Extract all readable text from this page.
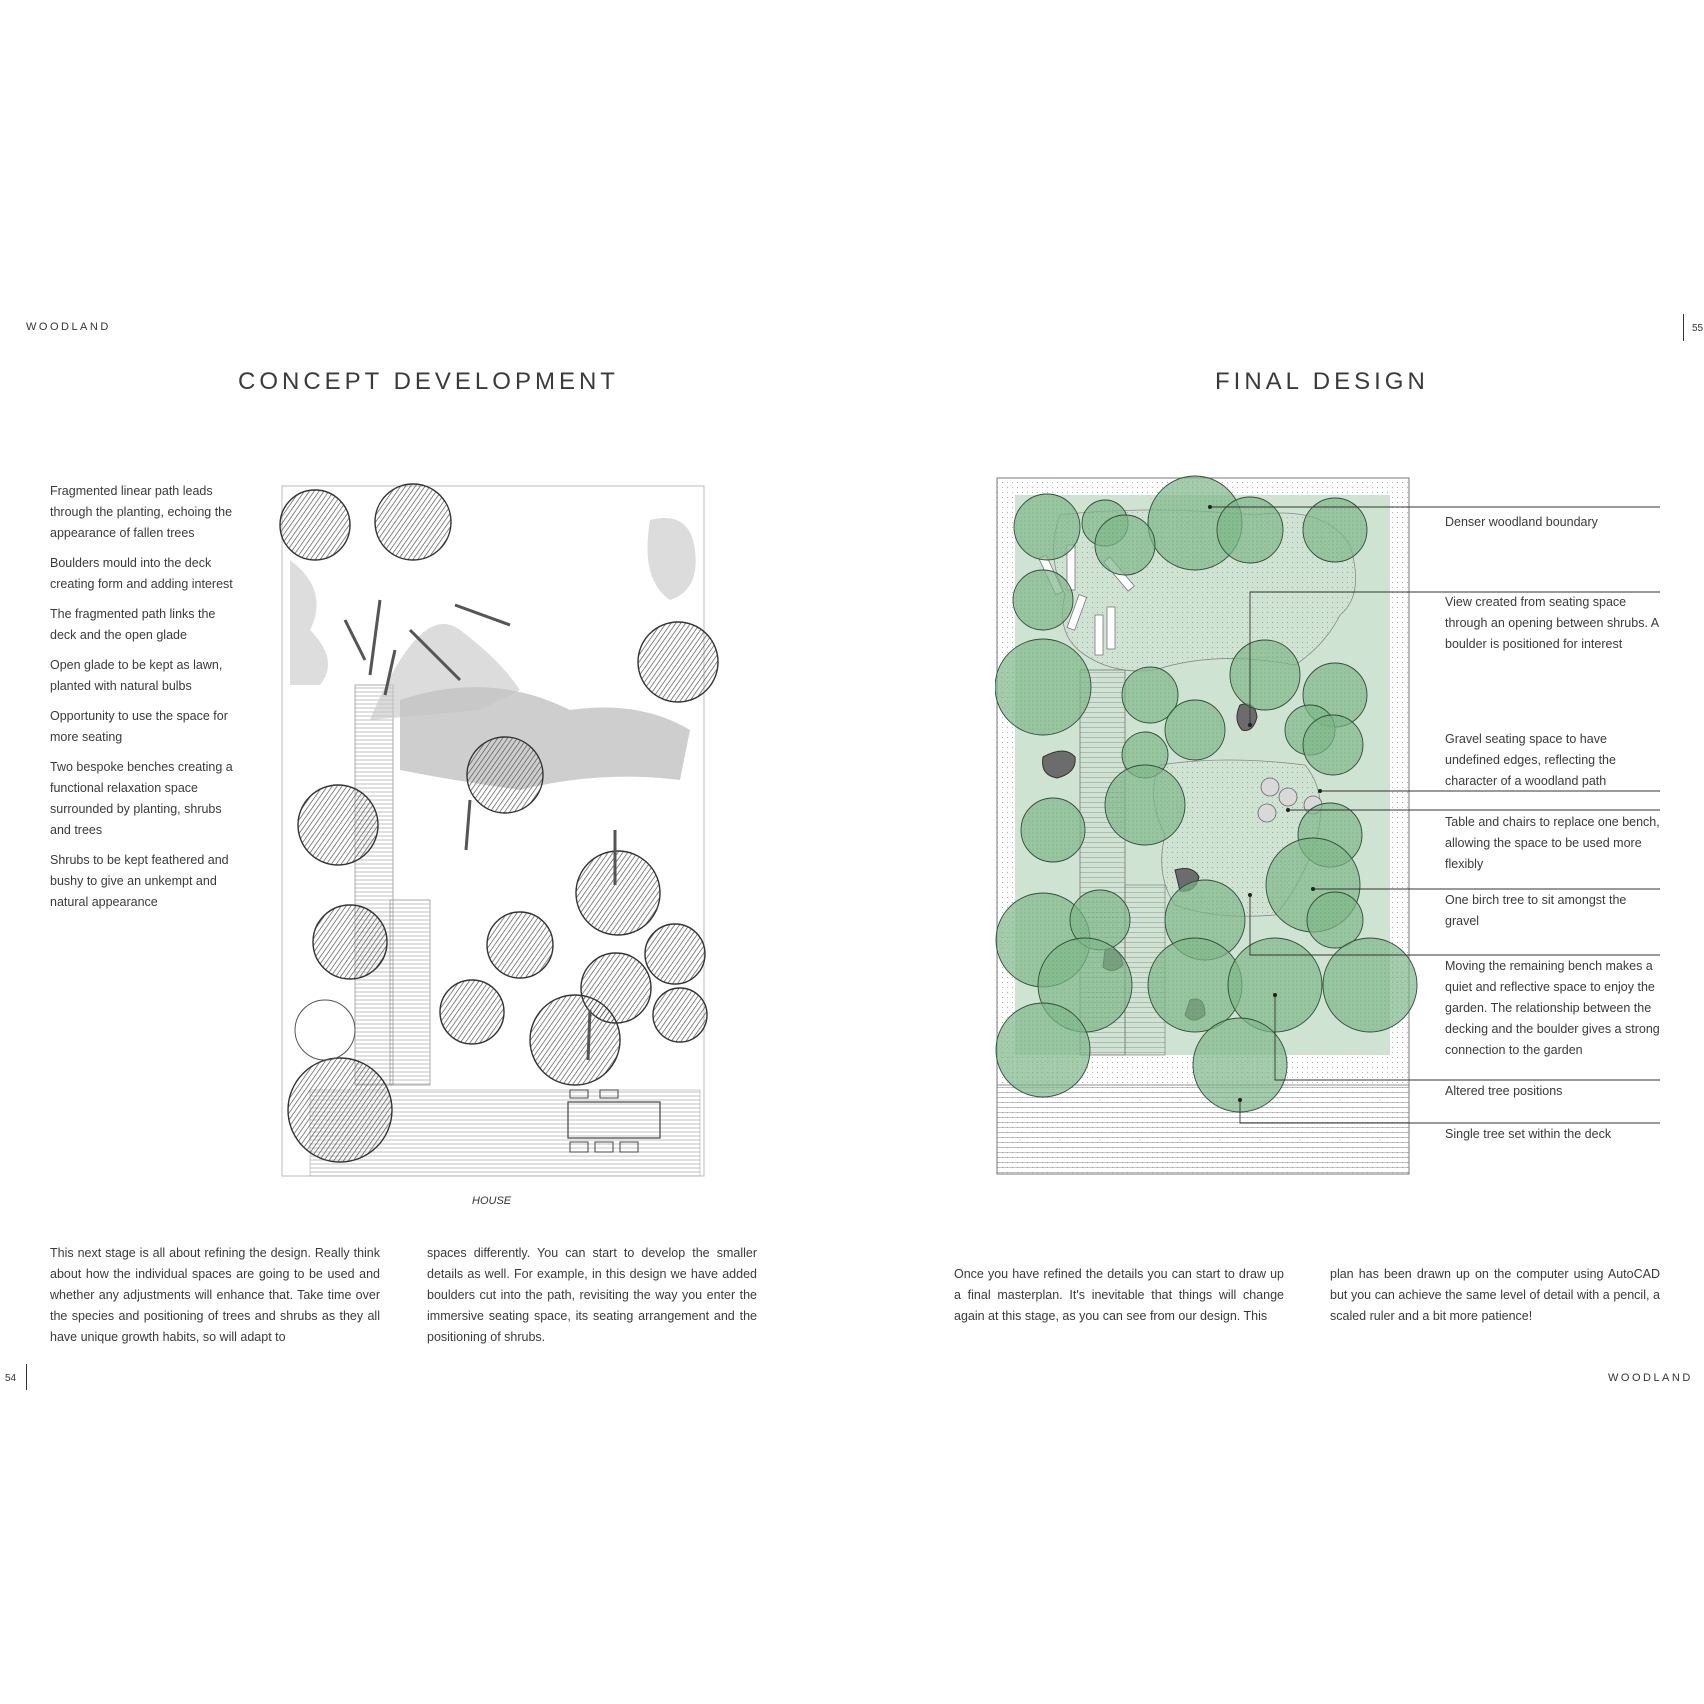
WOODLAND
CONCEPT DEVELOPMENT

Fragmented linear path leads through the planting, echoing the appearance of fallen trees

Boulders mould into the deck creating form and adding interest

The fragmented path links the deck and the open glade

Open glade to be kept as lawn, planted with natural bulbs

Opportunity to use the space for more seating

Two bespoke benches creating a functional relaxation space surrounded by planting, shrubs and trees

Shrubs to be kept feathered and bushy to give an unkempt and natural appearance

HOUSE
This next stage is all about refining the design. Really think about how the individual spaces are going to be used and whether any adjustments will enhance that. Take time over the species and positioning of trees and shrubs as they all have unique growth habits, so will adapt to
spaces differently. You can start to develop the smaller details as well. For example, in this design we have added boulders cut into the path, revisiting the way you enter the immersive seating space, its seating arrangement and the positioning of shrubs.
54
55
FINAL DESIGN
Denser woodland boundary
View created from seating space through an opening between shrubs. A boulder is positioned for interest
Gravel seating space to have undefined edges, reflecting the character of a woodland path
Table and chairs to replace one bench, allowing the space to be used more flexibly
One birch tree to sit amongst the gravel
Moving the remaining bench makes a quiet and reflective space to enjoy the garden. The relationship between the decking and the boulder gives a strong connection to the garden
Altered tree positions
Single tree set within the deck
Once you have refined the details you can start to draw up a final masterplan. It's inevitable that things will change again at this stage, as you can see from our design. This
plan has been drawn up on the computer using AutoCAD but you can achieve the same level of detail with a pencil, a scaled ruler and a bit more patience!
WOODLAND
